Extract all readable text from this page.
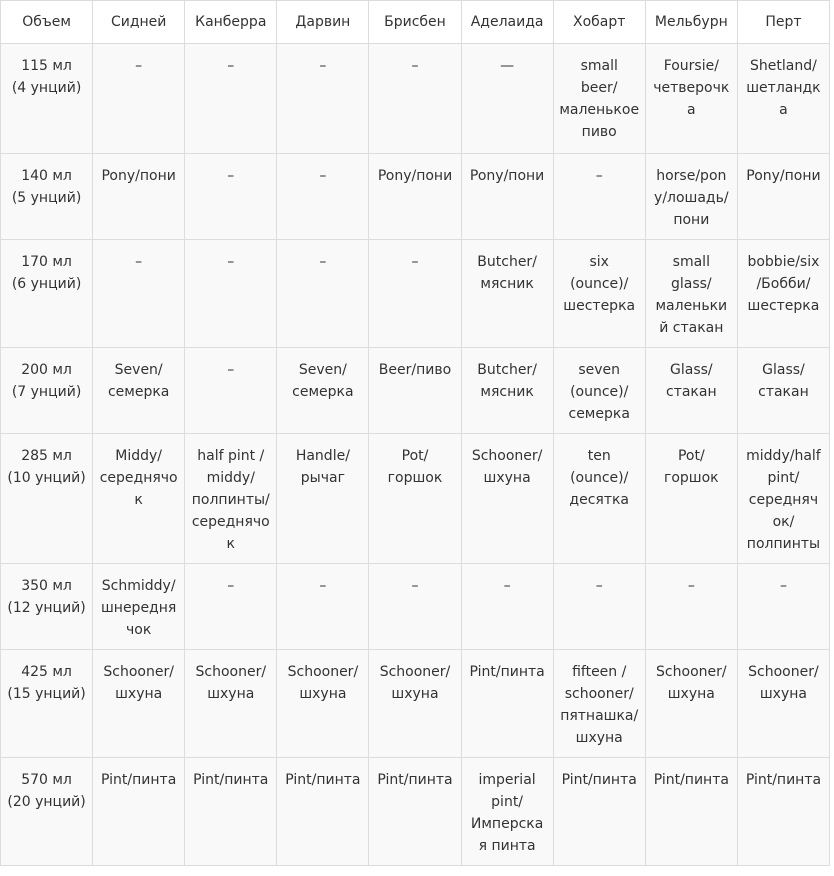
Объем	Сидней	Канберра	Дарвин	Брисбен	Аделаида	Хобарт	Мельбурн	Перт
115 мл
(4 унций)	–	–	–	–	—	small
beer/
маленькое
пиво	Foursie/
четверочк
а	Shetland/
шетландка
140 мл
(5 унций)	Pony/пони	–	–	Pony/пони	Pony/пони	–	horse/pon
y/лошадь/
пони	Pony/пони
170 мл
(6 унций)	–	–	–	–	Butcher/
мясник	six
(ounce)/
шестерка	small
glass/
маленьки
й стакан	bobbie/six
/Бобби/
шестерка
200 мл
(7 унций)	Seven/
семерка	–	Seven/
семерка	Beer/пиво	Butcher/
мясник	seven
(ounce)/
семерка	Glass/
стакан	Glass/
стакан
285 мл
(10 унций)	Middy/
середнячо
к	half pint /
middy/
полпинты/
середнячо
к	Handle/
рычаг	Pot/
горшок	Schooner/
шхуна	ten
(ounce)/
десятка	Pot/
горшок	middy/half
pint/
середняч
ок/
полпинты
350 мл
(12 унций)	Schmiddy/
шнередня
чок	–	–	–	–	–	–	–
425 мл
(15 унций)	Schooner/
шхуна	Schooner/
шхуна	Schooner/
шхуна	Schooner/
шхуна	Pint/пинта	fifteen /
schooner/
пятнашка/
шхуна	Schooner/
шхуна	Schooner/
шхуна
570 мл
(20 унций)	Pint/пинта	Pint/пинта	Pint/пинта	Pint/пинта	imperial
pint/
Имперска
я пинта	Pint/пинта	Pint/пинта	Pint/пинта
